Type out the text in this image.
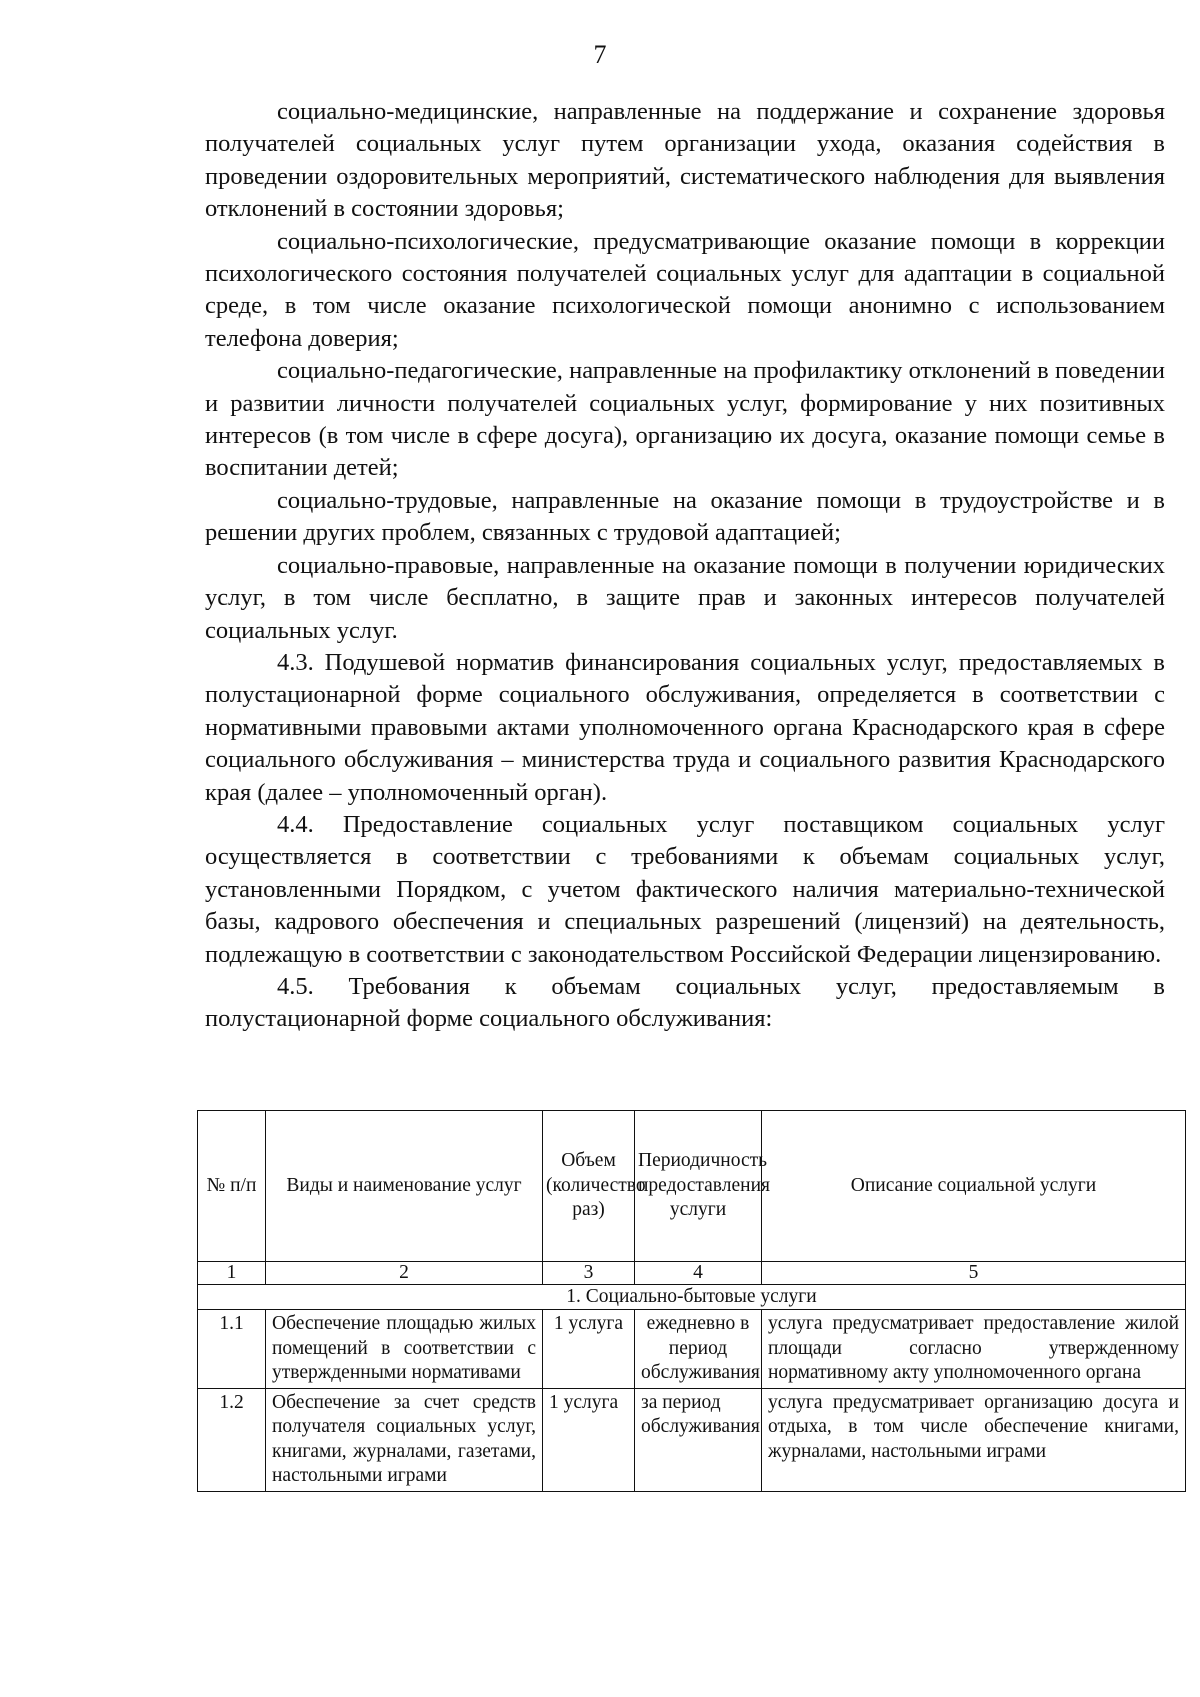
7

социально-медицинские, направленные на поддержание и сохранение здоровья получателей социальных услуг путем организации ухода, оказания содействия в проведении оздоровительных мероприятий, систематического наблюдения для выявления отклонений в состоянии здоровья;

социально-психологические, предусматривающие оказание помощи в коррекции психологического состояния получателей социальных услуг для адаптации в социальной среде, в том числе оказание психологической помощи анонимно с использованием телефона доверия;

социально-педагогические, направленные на профилактику отклонений в поведении и развитии личности получателей социальных услуг, формирование у них позитивных интересов (в том числе в сфере досуга), организацию их досуга, оказание помощи семье в воспитании детей;

социально-трудовые, направленные на оказание помощи в трудоустройстве и в решении других проблем, связанных с трудовой адаптацией;

социально-правовые, направленные на оказание помощи в получении юридических услуг, в том числе бесплатно, в защите прав и законных интересов получателей социальных услуг.

4.3. Подушевой норматив финансирования социальных услуг, предоставляемых в полустационарной форме социального обслуживания, определяется в соответствии с нормативными правовыми актами уполномоченного органа Краснодарского края в сфере социального обслуживания – министерства труда и социального развития Краснодарского края (далее – уполномоченный орган).

4.4. Предоставление социальных услуг поставщиком социальных услуг осуществляется в соответствии с требованиями к объемам социальных услуг, установленными Порядком, с учетом фактического наличия материально-технической базы, кадрового обеспечения и специальных разрешений (лицензий) на деятельность, подлежащую в соответствии с законодательством Российской Федерации лицензированию.

4.5. Требования к объемам социальных услуг, предоставляемым в полустационарной форме социального обслуживания:

№ п/п	Виды и наименование услуг	Объем (количество раз)	Периодичность предоставления услуги	Описание социальной услуги
1	2	3	4	5
1. Социально-бытовые услуги				
1.1	Обеспечение площадью жилых помещений в соответствии с утвержденными нормативами	1 услуга	ежедневно в период обслуживания	услуга предусматривает предоставление жилой площади согласно утвержденному нормативному акту уполномоченного органа
1.2	Обеспечение за счет средств получателя социальных услуг, книгами, журналами, газетами, настольными играми	1 услуга	за период обслуживания	услуга предусматривает организацию досуга и отдыха, в том числе обеспечение книгами, журналами, настольными играми
